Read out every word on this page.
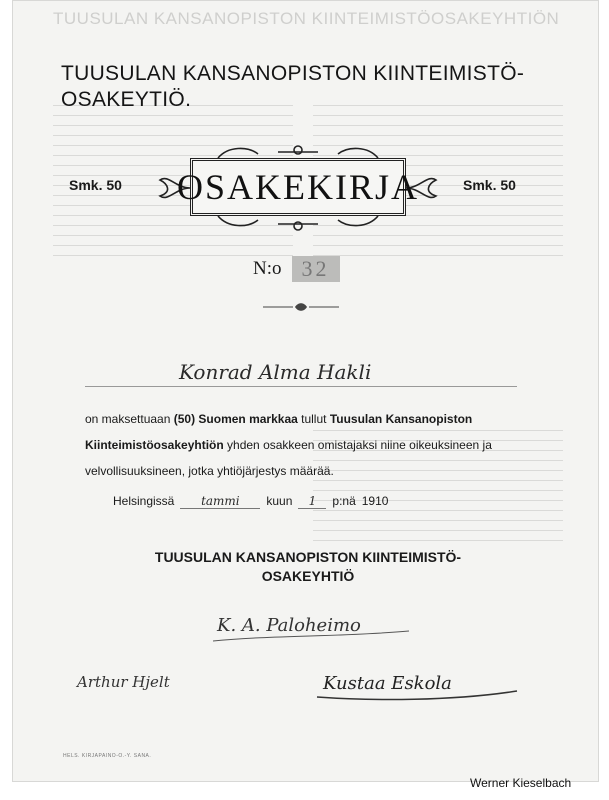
TUUSULAN KANSANOPISTON KIINTEIMISTÖOSAKEYHTIÖN
TUUSULAN KANSANOPISTON KIINTEIMISTÖ-
OSAKEYTIÖ.
Smk. 50	Smk. 50
OSAKEKIRJA
N:o 32
Konrad Alma Hakli
on maksettuaan (50) Suomen markkaa tullut Tuusulan Kansanopiston Kiinteimistöosakeyhtiön yhden osakkeen omistajaksi niine oikeuksineen ja velvollisuuksineen, jotka yhtiöjärjestys määrää.
Helsingissä	tammi	kuun	1	p:nä 1910
TUUSULAN KANSANOPISTON KIINTEIMISTÖ-
OSAKEYHTIÖ
K. A. Paloheimo
Arthur Hjelt	Kustaa Eskola
HELS. KIRJAPAINO-O.-Y. SANA.
Werner Kieselbach
